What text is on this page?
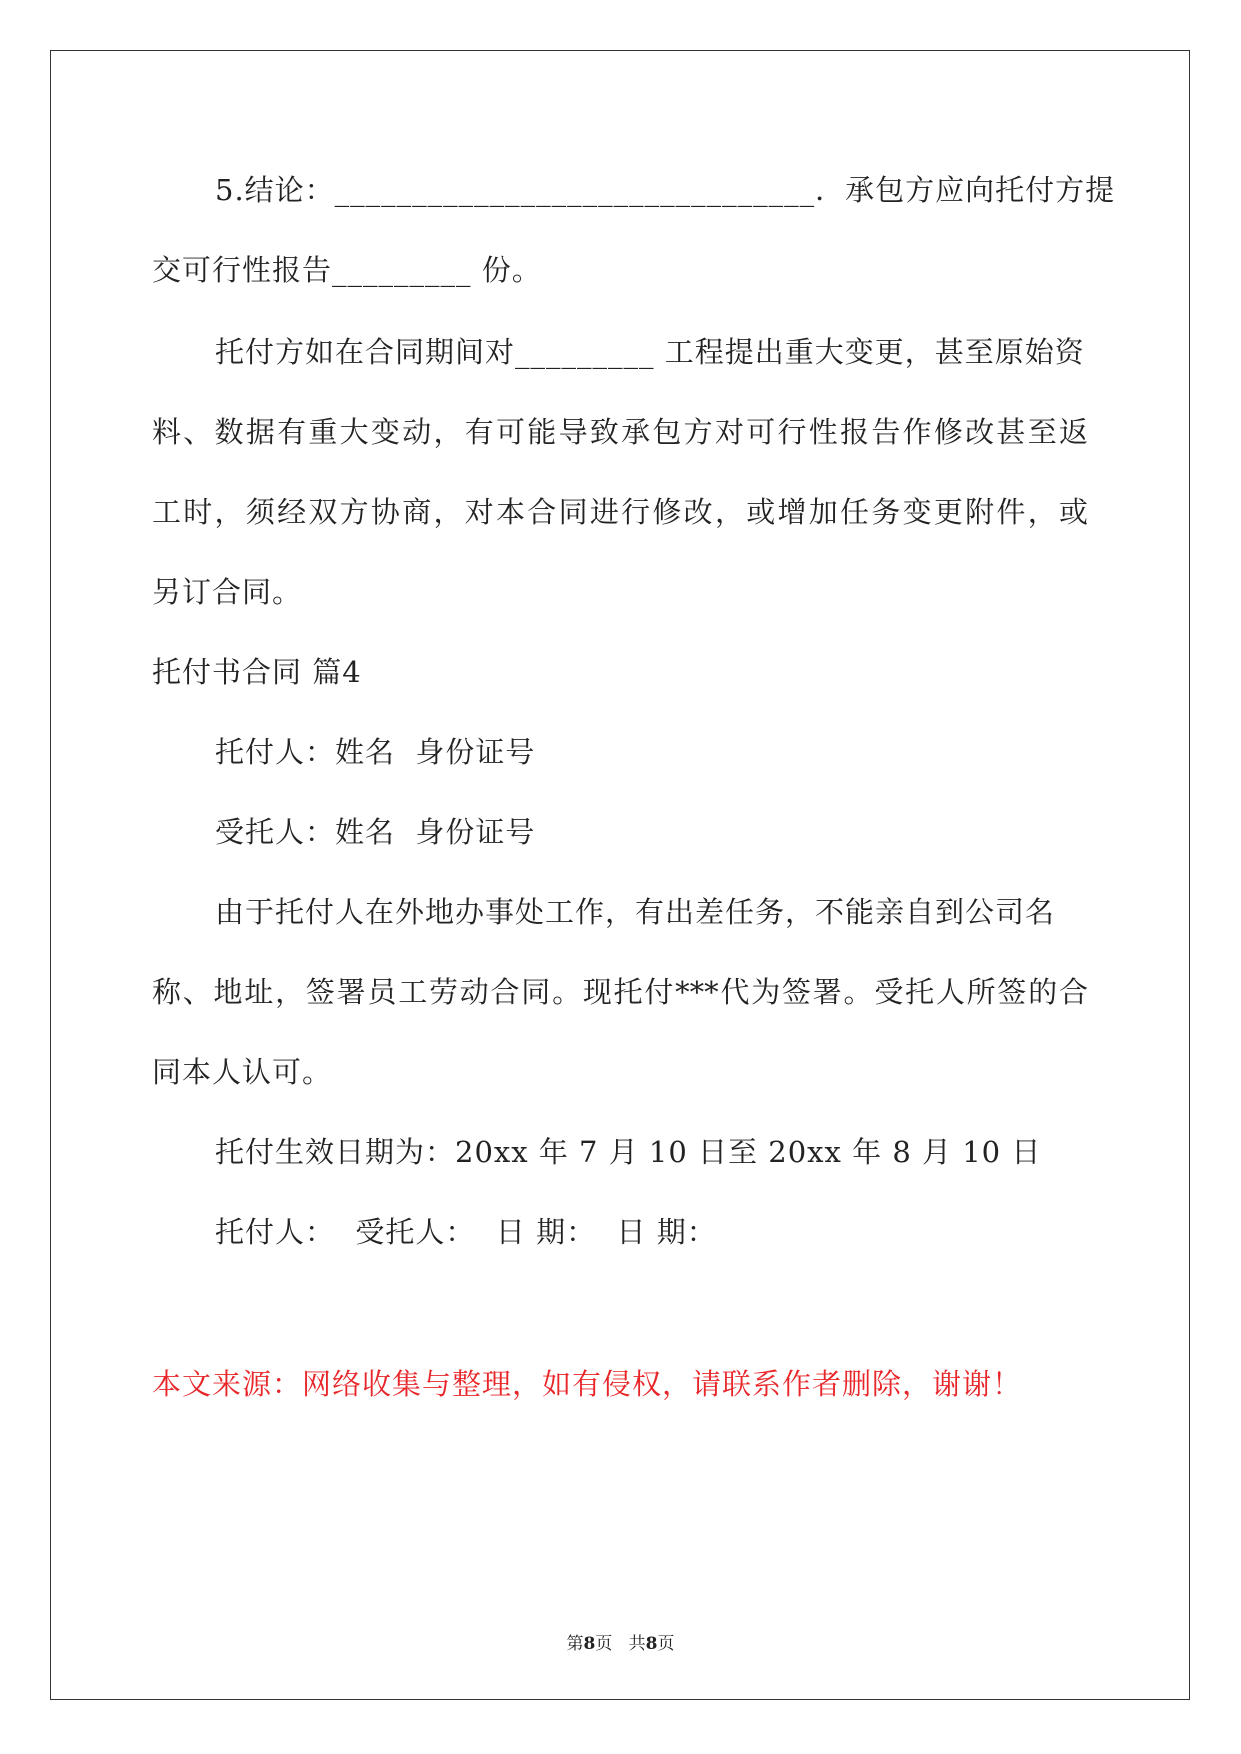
5.结论：_______________________________．承包方应向托付方提
交可行性报告_________ 份。
托付方如在合同期间对_________ 工程提出重大变更，甚至原始资
料、数据有重大变动，有可能导致承包方对可行性报告作修改甚至返
工时，须经双方协商，对本合同进行修改，或增加任务变更附件，或
另订合同。
托付书合同 篇4
托付人：姓名  身份证号
受托人：姓名  身份证号
由于托付人在外地办事处工作，有出差任务，不能亲自到公司名
称、地址，签署员工劳动合同。现托付***代为签署。受托人所签的合
同本人认可。
托付生效日期为：20xx 年 7 月 10 日至 20xx 年 8 月 10 日
托付人：  受托人：  日 期：  日 期：
本文来源：网络收集与整理，如有侵权，请联系作者删除，谢谢！
第8页 共8页
